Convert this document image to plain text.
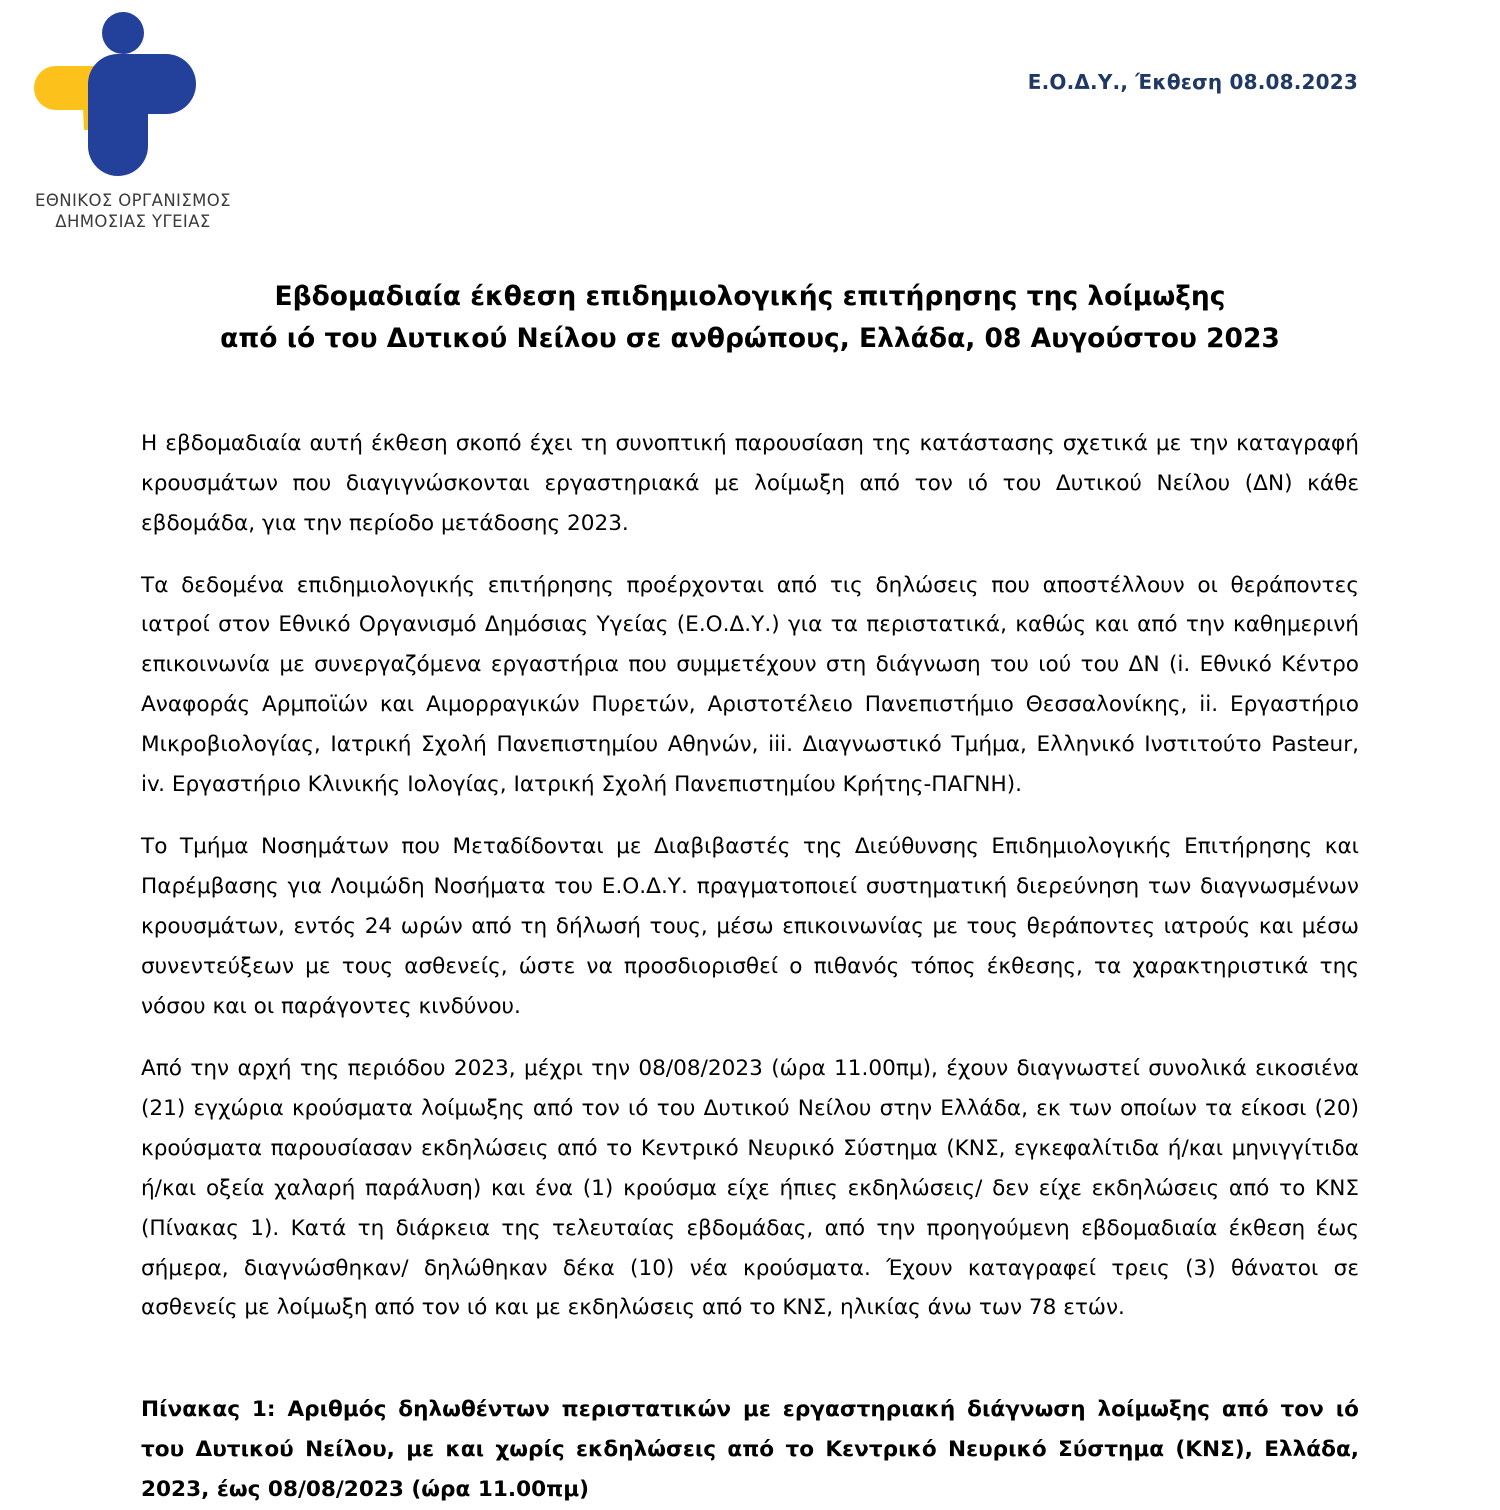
ΕΘΝΙΚΟΣ ΟΡΓΑΝΙΣΜΟΣ
ΔΗΜΟΣΙΑΣ ΥΓΕΙΑΣ
Ε.Ο.Δ.Υ., Έκθεση 08.08.2023
Εβδομαδιαία έκθεση επιδημιολογικής επιτήρησης της λοίμωξης
από ιό του Δυτικού Νείλου σε ανθρώπους, Ελλάδα, 08 Αυγούστου 2023

Η εβδομαδιαία αυτή έκθεση σκοπό έχει τη συνοπτική παρουσίαση της κατάστασης σχετικά με την καταγραφή κρουσμάτων που διαγιγνώσκονται εργαστηριακά με λοίμωξη από τον ιό του Δυτικού Νείλου (ΔΝ) κάθε εβδομάδα, για την περίοδο μετάδοσης 2023.

Τα δεδομένα επιδημιολογικής επιτήρησης προέρχονται από τις δηλώσεις που αποστέλλουν οι θεράποντες ιατροί στον Εθνικό Οργανισμό Δημόσιας Υγείας (Ε.Ο.Δ.Υ.) για τα περιστατικά, καθώς και από την καθημερινή επικοινωνία με συνεργαζόμενα εργαστήρια που συμμετέχουν στη διάγνωση του ιού του ΔΝ (i. Εθνικό Κέντρο Αναφοράς Αρμποϊών και Αιμορραγικών Πυρετών, Αριστοτέλειο Πανεπιστήμιο Θεσσαλονίκης, ii. Εργαστήριο Μικροβιολογίας, Ιατρική Σχολή Πανεπιστημίου Αθηνών, iii. Διαγνωστικό Τμήμα, Ελληνικό Ινστιτούτο Pasteur, iv. Εργαστήριο Κλινικής Ιολογίας, Ιατρική Σχολή Πανεπιστημίου Κρήτης-ΠΑΓΝΗ).

Το Τμήμα Νοσημάτων που Μεταδίδονται με Διαβιβαστές της Διεύθυνσης Επιδημιολογικής Επιτήρησης και Παρέμβασης για Λοιμώδη Νοσήματα του Ε.Ο.Δ.Υ. πραγματοποιεί συστηματική διερεύνηση των διαγνωσμένων κρουσμάτων, εντός 24 ωρών από τη δήλωσή τους, μέσω επικοινωνίας με τους θεράποντες ιατρούς και μέσω συνεντεύξεων με τους ασθενείς, ώστε να προσδιορισθεί ο πιθανός τόπος έκθεσης, τα χαρακτηριστικά της νόσου και οι παράγοντες κινδύνου.

Από την αρχή της περιόδου 2023, μέχρι την 08/08/2023 (ώρα 11.00πμ), έχουν διαγνωστεί συνολικά εικοσιένα (21) εγχώρια κρούσματα λοίμωξης από τον ιό του Δυτικού Νείλου στην Ελλάδα, εκ των οποίων τα είκοσι (20) κρούσματα παρουσίασαν εκδηλώσεις από το Κεντρικό Νευρικό Σύστημα (ΚΝΣ, εγκεφαλίτιδα ή/και μηνιγγίτιδα ή/και οξεία χαλαρή παράλυση) και ένα (1) κρούσμα είχε ήπιες εκδηλώσεις/ δεν είχε εκδηλώσεις από το ΚΝΣ (Πίνακας 1). Κατά τη διάρκεια της τελευταίας εβδομάδας, από την προηγούμενη εβδομαδιαία έκθεση έως σήμερα, διαγνώσθηκαν/ δηλώθηκαν δέκα (10) νέα κρούσματα. Έχουν καταγραφεί τρεις (3) θάνατοι σε ασθενείς με λοίμωξη από τον ιό και με εκδηλώσεις από το ΚΝΣ, ηλικίας άνω των 78 ετών.

Πίνακας 1: Αριθμός δηλωθέντων περιστατικών με εργαστηριακή διάγνωση λοίμωξης από τον ιό του Δυτικού Νείλου, με και χωρίς εκδηλώσεις από το Κεντρικό Νευρικό Σύστημα (ΚΝΣ), Ελλάδα, 2023, έως 08/08/2023 (ώρα 11.00πμ)
